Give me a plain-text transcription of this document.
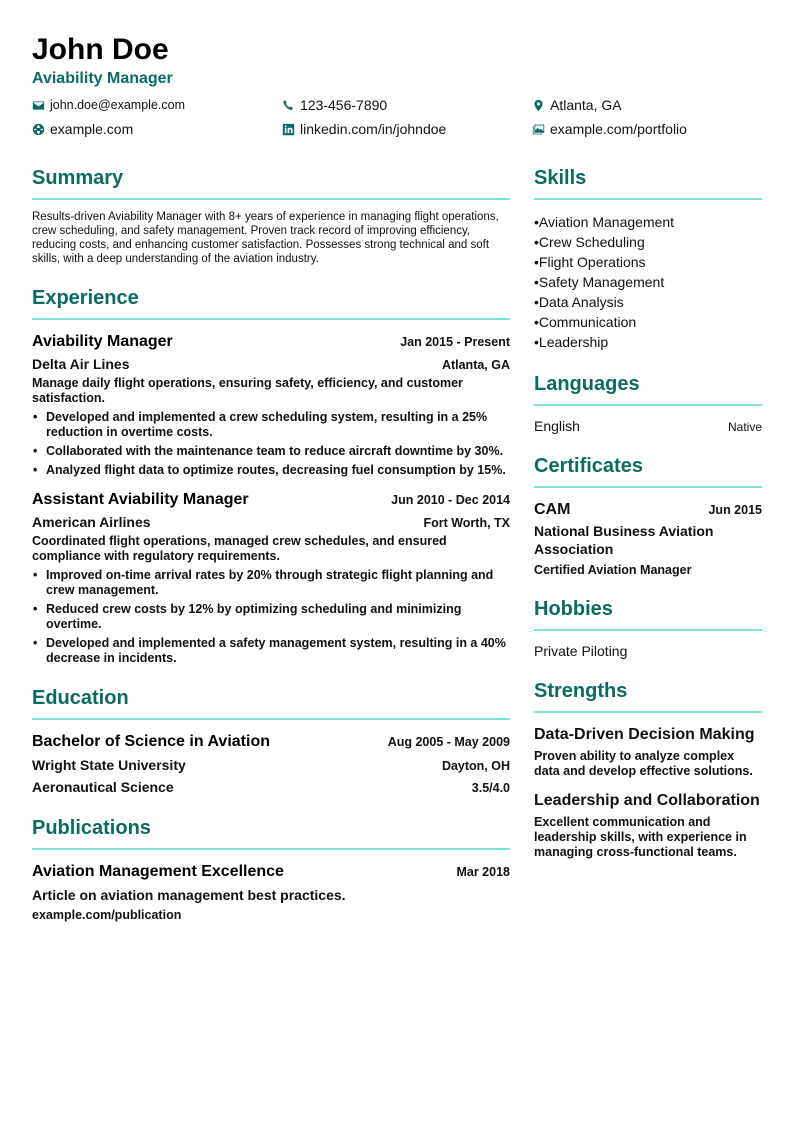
John Doe
Aviability Manager
john.doe@example.com	123-456-7890	Atlanta, GA
example.com	linkedin.com/in/johndoe	example.com/portfolio
Summary
Results-driven Aviability Manager with 8+ years of experience in managing flight operations, crew scheduling, and safety management. Proven track record of improving efficiency, reducing costs, and enhancing customer satisfaction. Possesses strong technical and soft skills, with a deep understanding of the aviation industry.
Experience
Aviability Manager	Jan 2015 - Present
Delta Air Lines	Atlanta, GA
Manage daily flight operations, ensuring safety, efficiency, and customer satisfaction.
• Developed and implemented a crew scheduling system, resulting in a 25% reduction in overtime costs.
• Collaborated with the maintenance team to reduce aircraft downtime by 30%.
• Analyzed flight data to optimize routes, decreasing fuel consumption by 15%.
Assistant Aviability Manager	Jun 2010 - Dec 2014
American Airlines	Fort Worth, TX
Coordinated flight operations, managed crew schedules, and ensured compliance with regulatory requirements.
• Improved on-time arrival rates by 20% through strategic flight planning and crew management.
• Reduced crew costs by 12% by optimizing scheduling and minimizing overtime.
• Developed and implemented a safety management system, resulting in a 40% decrease in incidents.
Education
Bachelor of Science in Aviation	Aug 2005 - May 2009
Wright State University	Dayton, OH
Aeronautical Science	3.5/4.0
Publications
Aviation Management Excellence	Mar 2018
Article on aviation management best practices.
example.com/publication
Skills
• Aviation Management
• Crew Scheduling
• Flight Operations
• Safety Management
• Data Analysis
• Communication
• Leadership
Languages
English	Native
Certificates
CAM	Jun 2015
National Business Aviation Association
Certified Aviation Manager
Hobbies
Private Piloting
Strengths
Data-Driven Decision Making
Proven ability to analyze complex data and develop effective solutions.
Leadership and Collaboration
Excellent communication and leadership skills, with experience in managing cross-functional teams.
